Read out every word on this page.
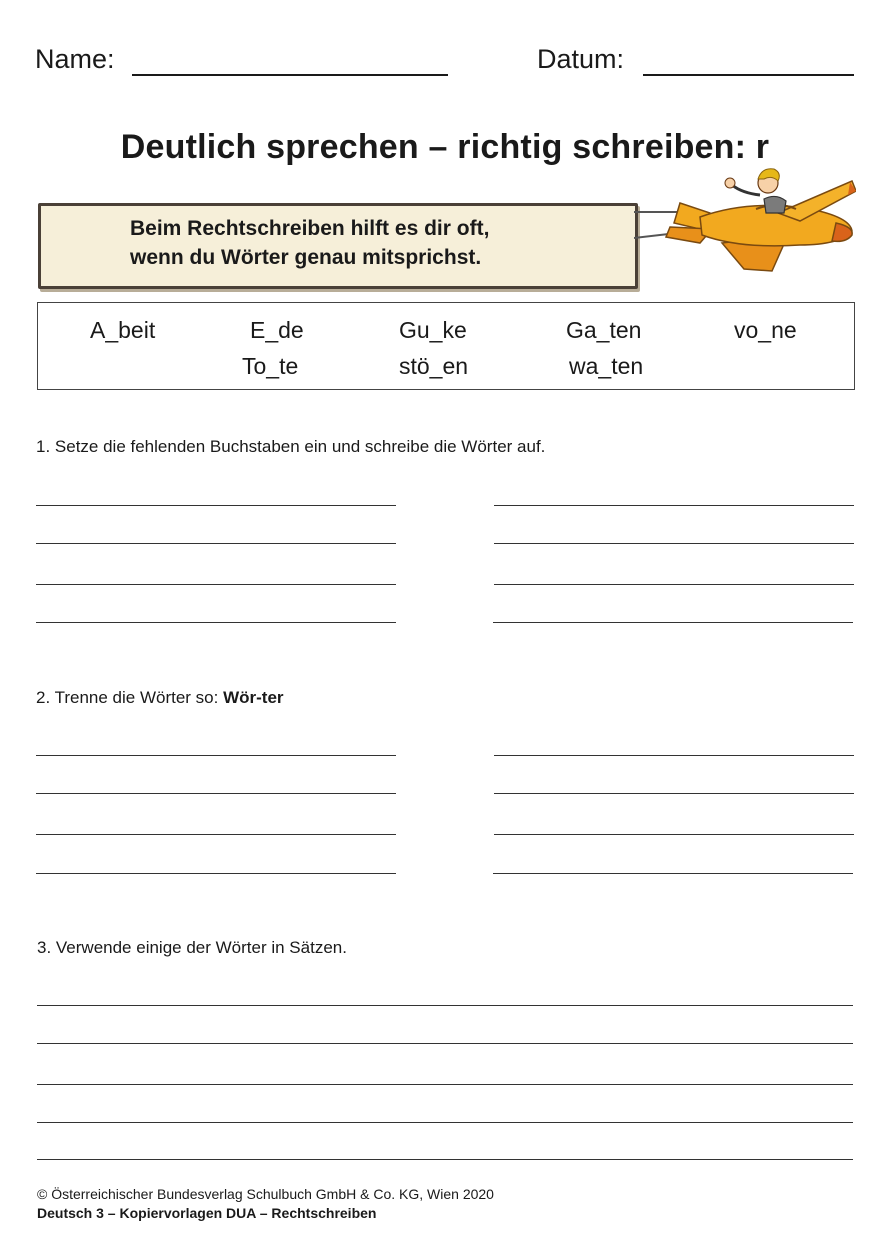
Name:	Datum:
Deutlich sprechen – richtig schreiben: r
Beim Rechtschreiben hilft es dir oft,
wenn du Wörter genau mitsprichst.
A_beit	E_de	Gu_ke	Ga_ten	vo_ne
To_te	stö_en	wa_ten
1. Setze die fehlenden Buchstaben ein und schreibe die Wörter auf.
2. Trenne die Wörter so: Wör-ter
3. Verwende einige der Wörter in Sätzen.
© Österreichischer Bundesverlag Schulbuch GmbH & Co. KG, Wien 2020
Deutsch 3 – Kopiervorlagen DUA – Rechtschreiben
